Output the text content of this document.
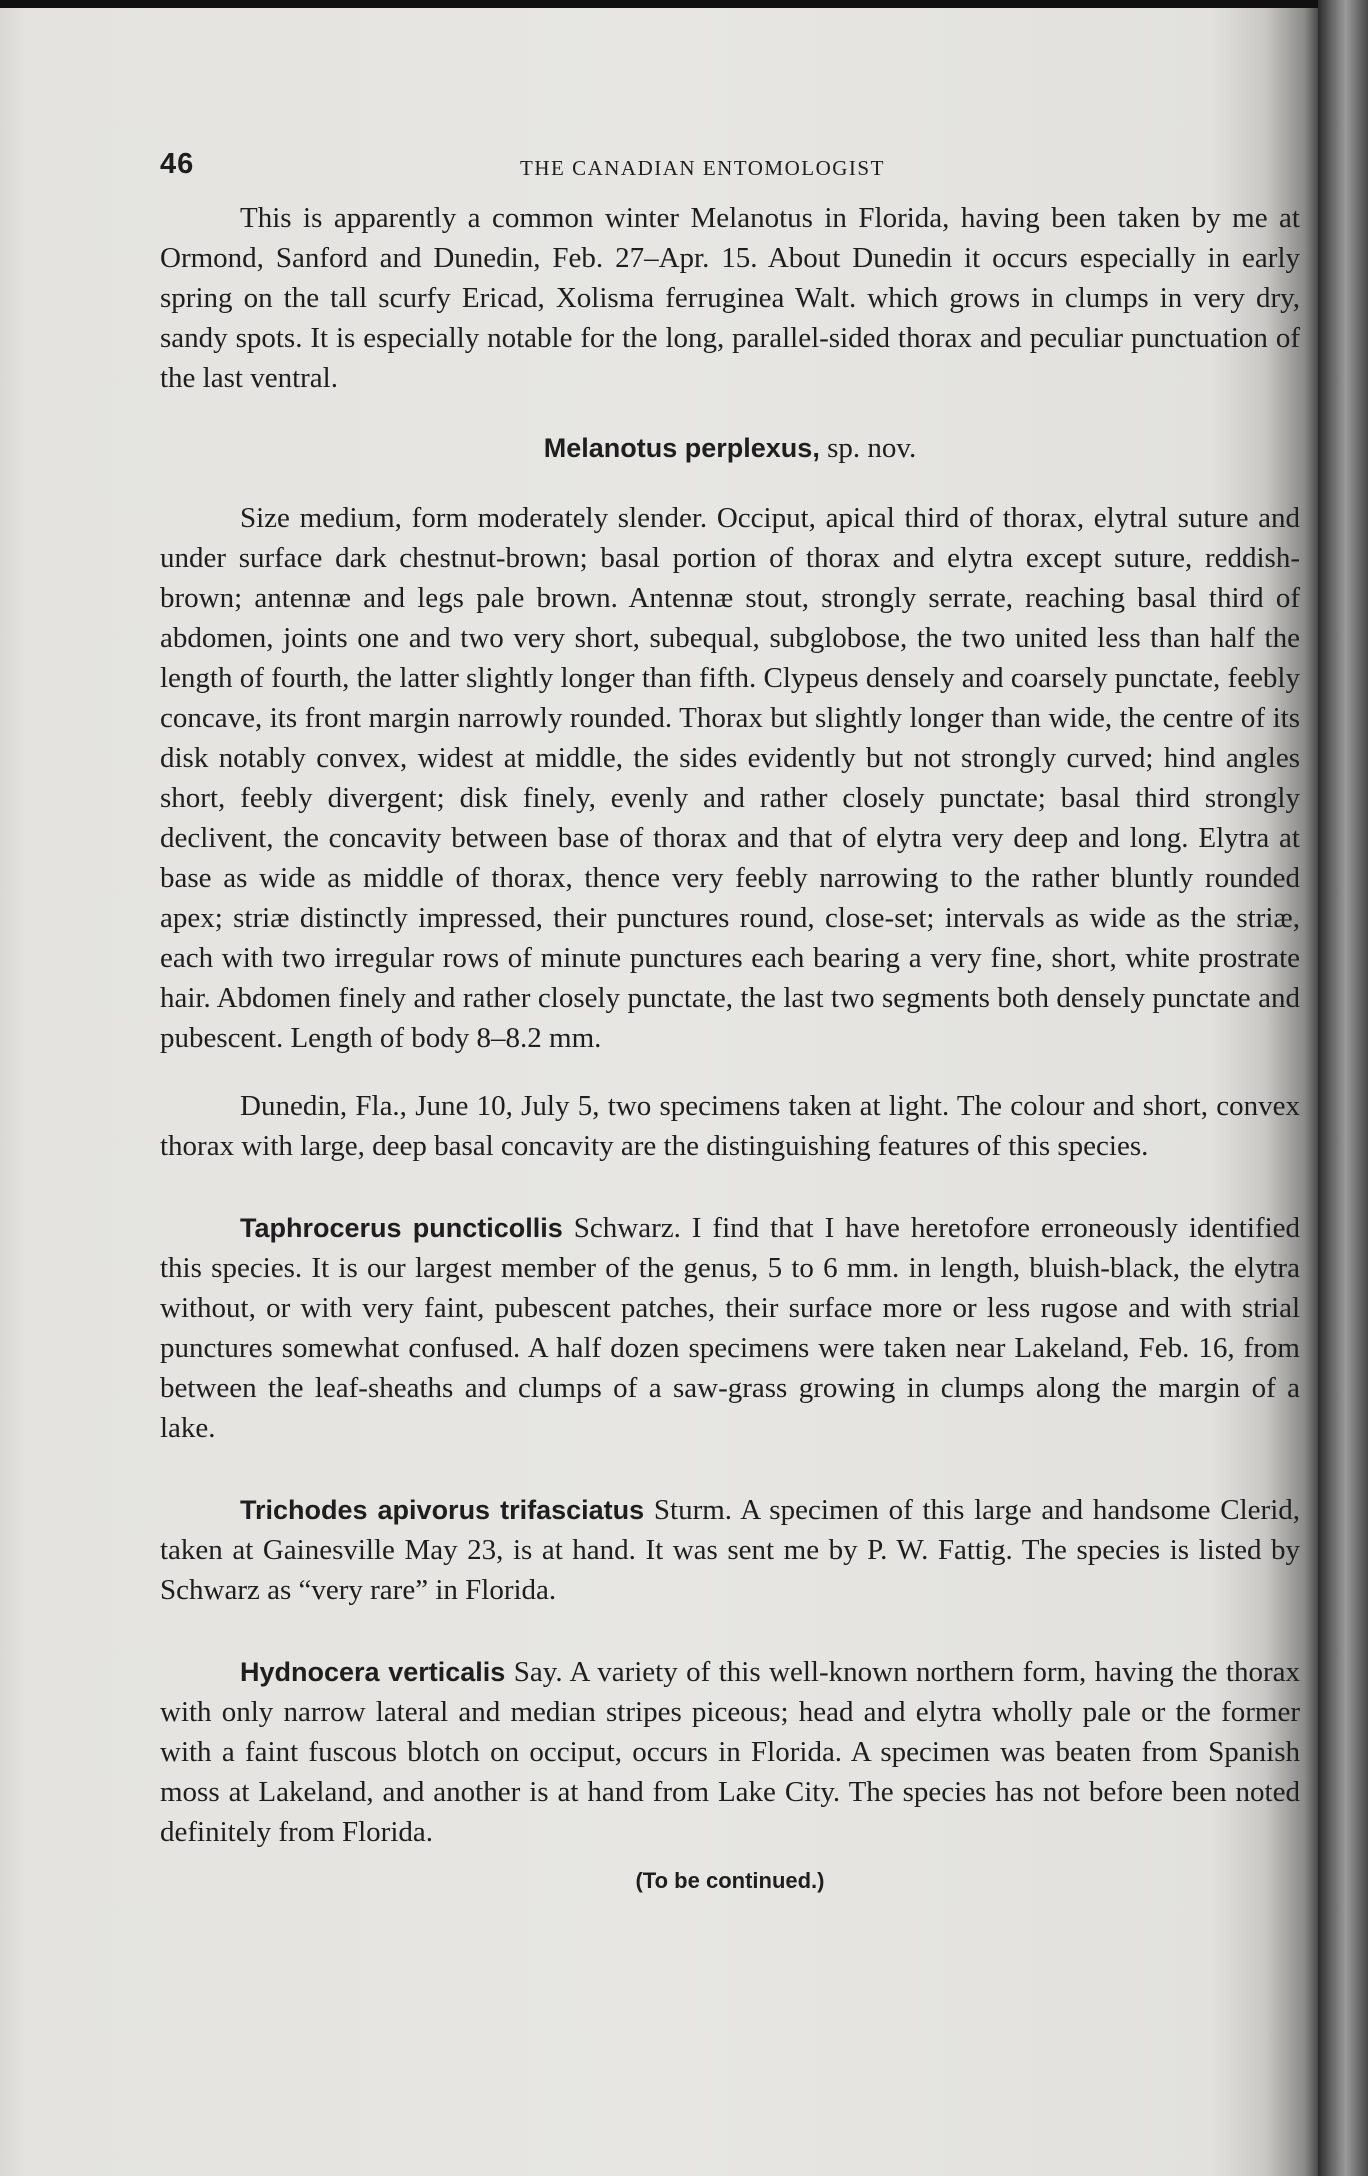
46	THE CANADIAN ENTOMOLOGIST

This is apparently a common winter Melanotus in Florida, having been taken by me at Ormond, Sanford and Dunedin, Feb. 27–Apr. 15. About Dunedin it occurs especially in early spring on the tall scurfy Ericad, Xolisma ferruginea Walt. which grows in clumps in very dry, sandy spots. It is especially notable for the long, parallel-sided thorax and peculiar punctuation of the last ventral.

Melanotus perplexus, sp. nov.

Size medium, form moderately slender. Occiput, apical third of thorax, elytral suture and under surface dark chestnut-brown; basal portion of thorax and elytra except suture, reddish-brown; antennæ and legs pale brown. Antennæ stout, strongly serrate, reaching basal third of abdomen, joints one and two very short, subequal, subglobose, the two united less than half the length of fourth, the latter slightly longer than fifth. Clypeus densely and coarsely punctate, feebly concave, its front margin narrowly rounded. Thorax but slightly longer than wide, the centre of its disk notably convex, widest at middle, the sides evidently but not strongly curved; hind angles short, feebly divergent; disk finely, evenly and rather closely punctate; basal third strongly declivent, the concavity between base of thorax and that of elytra very deep and long. Elytra at base as wide as middle of thorax, thence very feebly narrowing to the rather bluntly rounded apex; striæ distinctly impressed, their punctures round, close-set; intervals as wide as the striæ, each with two irregular rows of minute punctures each bearing a very fine, short, white prostrate hair. Abdomen finely and rather closely punctate, the last two segments both densely punctate and pubescent. Length of body 8–8.2 mm.

Dunedin, Fla., June 10, July 5, two specimens taken at light. The colour and short, convex thorax with large, deep basal concavity are the distinguishing features of this species.

Taphrocerus puncticollis Schwarz. I find that I have heretofore erroneously identified this species. It is our largest member of the genus, 5 to 6 mm. in length, bluish-black, the elytra without, or with very faint, pubescent patches, their surface more or less rugose and with strial punctures somewhat confused. A half dozen specimens were taken near Lakeland, Feb. 16, from between the leaf-sheaths and clumps of a saw-grass growing in clumps along the margin of a lake.

Trichodes apivorus trifasciatus Sturm. A specimen of this large and handsome Clerid, taken at Gainesville May 23, is at hand. It was sent me by P. W. Fattig. The species is listed by Schwarz as “very rare” in Florida.

Hydnocera verticalis Say. A variety of this well-known northern form, having the thorax with only narrow lateral and median stripes piceous; head and elytra wholly pale or the former with a faint fuscous blotch on occiput, occurs in Florida. A specimen was beaten from Spanish moss at Lakeland, and another is at hand from Lake City. The species has not before been noted definitely from Florida.

(To be continued.)
